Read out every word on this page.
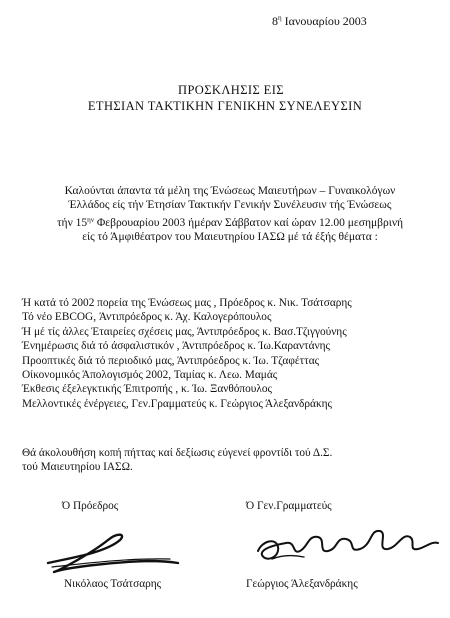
$8^\eta$ Ιανουαρίου 2003
ΠΡΟΣΚΛΗΣΙΣ ΕΙΣ
ΕΤΗΣΙΑΝ ΤΑΚΤΙΚΗΝ ΓΕΝΙΚΗΝ ΣΥΝΕΛΕΥΣΙΝ
Καλούνται άπαντα τά μέλη της Ένώσεως Μαιευτήρων – Γυναικολόγων
Έλλάδος είς τήν Έτησίαν Τακτικήν Γενικήν Συνέλευσιν τής Ένώσεως
τήν $15^{\eta\nu}$ Φεβρουαρίου 2003 ήμέραν Σάββατον καί ώραν 12.00 μεσημβρινή
είς τό Άμφιθέατρον του Μαιευτηρίου ΙΑΣΩ μέ τά έξής θέματα :
Ή κατά τό 2002 πορεία της Ένώσεως μας , Πρόεδρος κ. Νικ. Τσάτσαρης
Τό νέο EBCOG, Άντιπρόεδρος κ. Άχ. Καλογερόπουλος
Ή μέ τίς άλλες Έταιρείες σχέσεις μας, Άντιπρόεδρος κ. Βασ.Τζιγγούνης
Ένημέρωσις διά τό άσφαλιστικόν , Άντιπρόεδρος κ. Ίω.Καραντάνης
Προοπτικές διά τό περιοδικό μας, Άντιπρόεδρος κ. Ίω. Τζαφέττας
Οίκονομικός Άπολογισμός 2002, Ταμίας κ. Λεω. Μαμάς
Έκθεσις έξελεγκτικής Έπιτροπής , κ. Ίω. Ξανθόπουλος
Μελλοντικές ένέργειες, Γεν.Γραμματεύς κ. Γεώργιος Άλεξανδράκης
Θά άκολουθήση κοπή πήττας καί δεξίωσις εύγενεί φροντίδι τού Δ.Σ.
τού Μαιευτηρίου ΙΑΣΩ.
Ό Πρόεδρος	Ό Γεν.Γραμματεύς
Νικόλαος Τσάτσαρης	Γεώργιος Άλεξανδράκης
